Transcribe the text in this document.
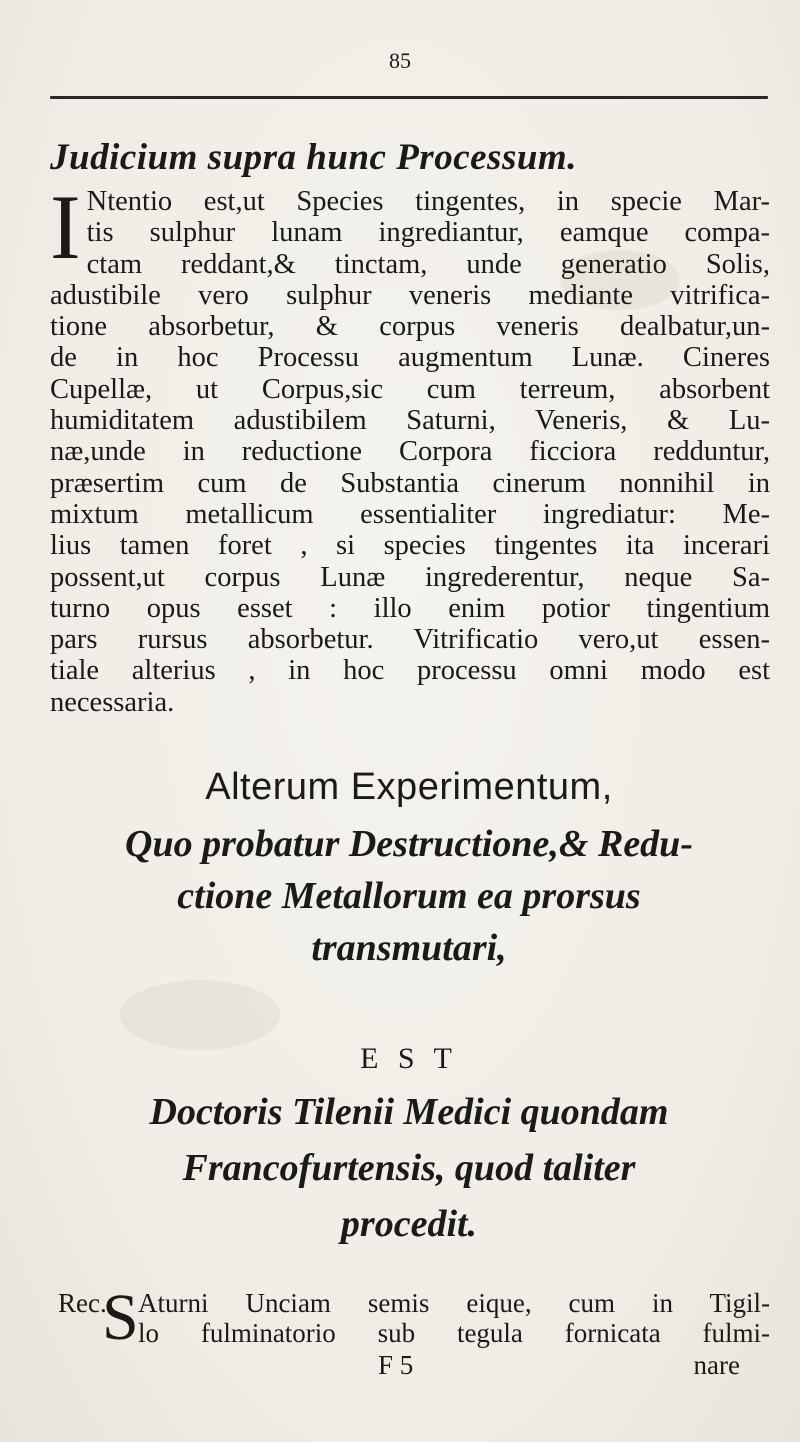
85
Judicium supra hunc Processum.
I Ntentio est,ut Species tingentes, in specie Mar-
tis sulphur lunam ingrediantur, eamque compa-
ctam reddant,& tinctam, unde generatio Solis,
adustibile vero sulphur veneris mediante vitrifica-
tione absorbetur, & corpus veneris dealbatur,un-
de in hoc Processu augmentum Lunæ. Cineres
Cupellæ, ut Corpus,sic cum terreum, absorbent
humiditatem adustibilem Saturni, Veneris, & Lu-
næ,unde in reductione Corpora ficciora redduntur,
præsertim cum de Substantia cinerum nonnihil in
mixtum metallicum essentialiter ingrediatur: Me-
lius tamen foret , si species tingentes ita incerari
possent,ut corpus Lunæ ingrederentur, neque Sa-
turno opus esset : illo enim potior tingentium
pars rursus absorbetur. Vitrificatio vero,ut essen-
tiale alterius , in hoc processu omni modo est
necessaria.
Alterum Experimentum,
Quo probatur Destructione,& Redu-
ctione Metallorum ea prorsus
transmutari,
E S T
Doctoris Tilenii Medici quondam
Francofurtensis, quod taliter
procedit.
Rec.
S Aturni Unciam semis eique, cum in Tigil-
lo fulminatorio sub tegula fornicata fulmi-
F 5	nare
